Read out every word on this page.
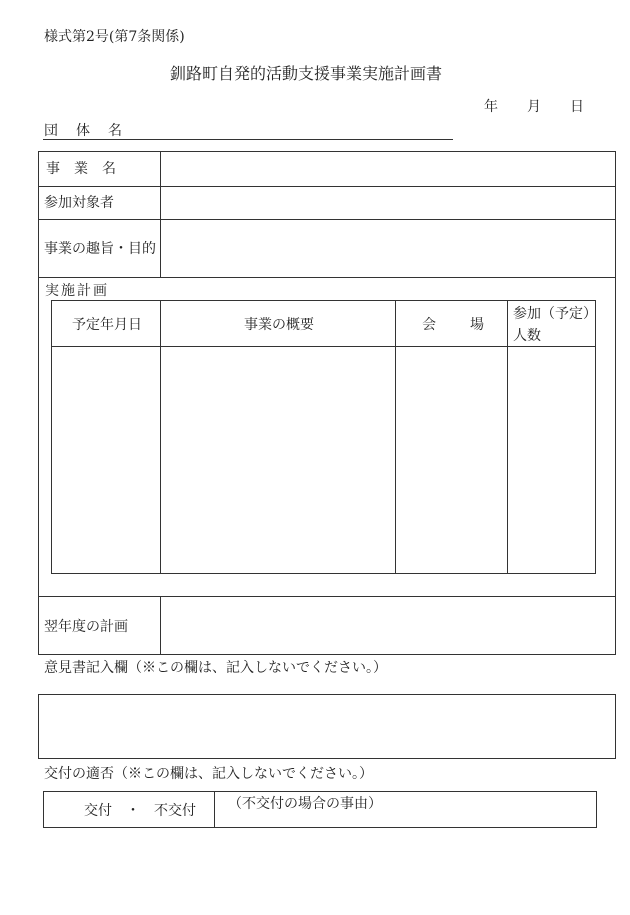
様式第2号(第7条関係)
釧路町自発的活動支援事業実施計画書
年 月 日
団　体　名
事　業　名
参加対象者
事業の趣旨・目的
実施計画
予定年月日	事業の概要	会　　場
参加（予定）
人数
翌年度の計画
意見書記入欄（※この欄は、記入しないでください。）
交付の適否（※この欄は、記入しないでください。）
交付　・　不交付 （不交付の場合の事由）
